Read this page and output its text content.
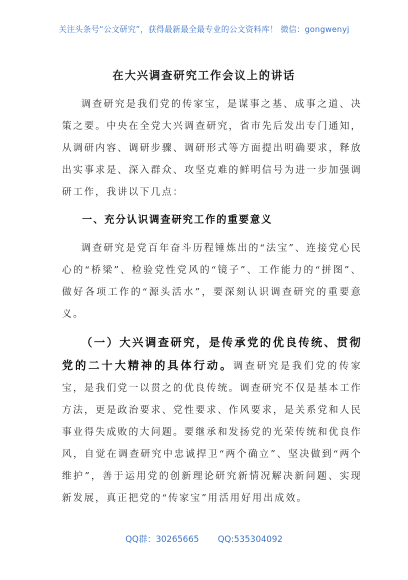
关注头条号“公文研究”，获得最新最全最专业的公文资料库！ 微信：gongwenyj
在大兴调查研究工作会议上的讲话

调查研究是我们党的传家宝，是谋事之基、成事之道、决策之要。中央在全党大兴调查研究，省市先后发出专门通知，从调研内容、调研步骤、调研形式等方面提出明确要求，释放出实事求是、深入群众、攻坚克难的鲜明信号为进一步加强调研工作，我讲以下几点：

一、充分认识调查研究工作的重要意义

调查研究是党百年奋斗历程锤炼出的“法宝”、连接党心民心的“桥梁”、检验党性党风的“镜子”、工作能力的“拼图”、做好各项工作的“源头活水”，要深刻认识调查研究的重要意义。

（一）大兴调查研究，是传承党的优良传统、贯彻党的二十大精神的具体行动。调查研究是我们党的传家宝，是我们党一以贯之的优良传统。调查研究不仅是基本工作方法，更是政治要求、党性要求、作风要求，是关系党和人民事业得失成败的大问题。要继承和发扬党的光荣传统和优良作风，自觉在调查研究中忠诚捍卫“两个确立”、坚决做到“两个维护”，善于运用党的创新理论研究新情况解决新问题、实现新发展，真正把党的“传家宝”用活用好用出成效。

QQ群：30265665 QQ:535304092
